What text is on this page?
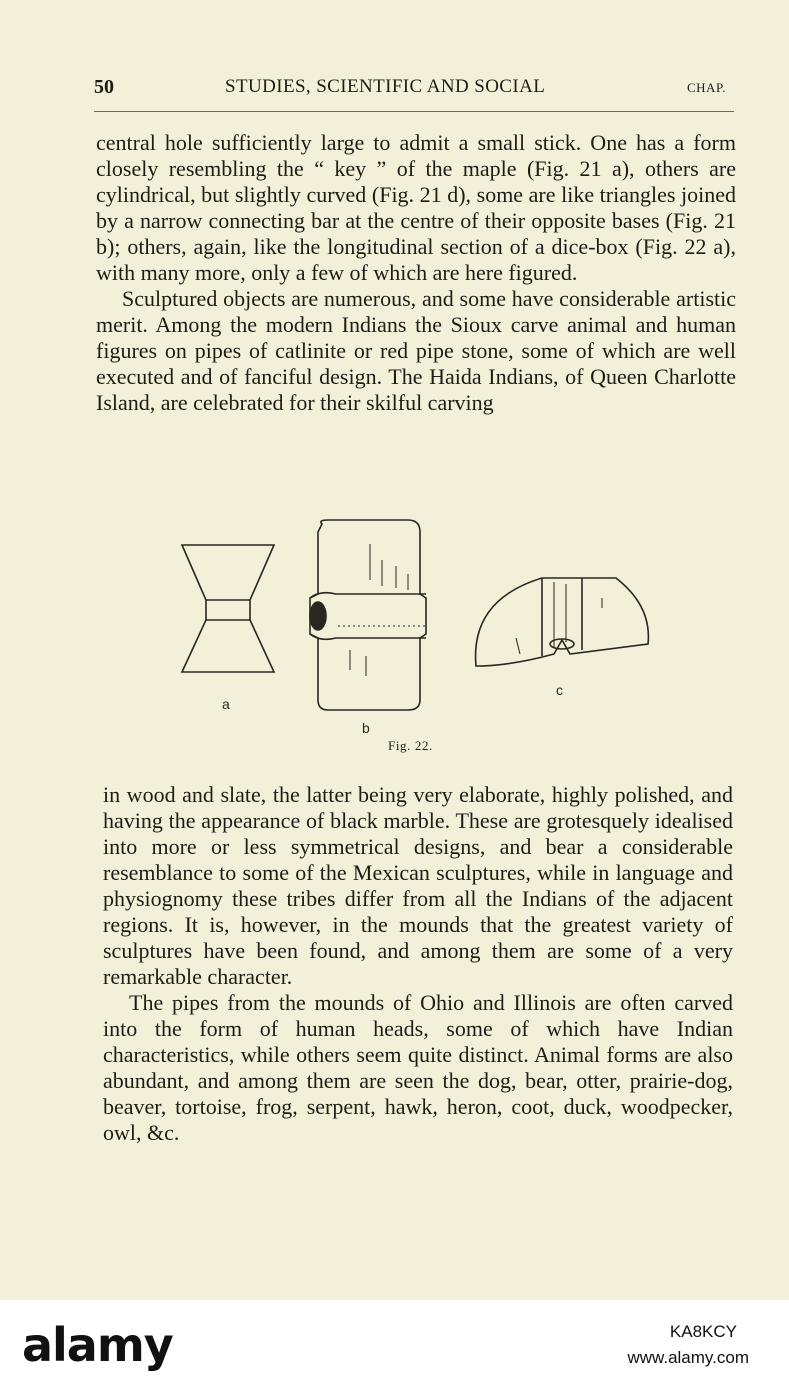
50	STUDIES, SCIENTIFIC AND SOCIAL	CHAP.

central hole sufficiently large to admit a small stick. One has a form closely resembling the “ key ” of the maple (Fig. 21 a), others are cylindrical, but slightly curved (Fig. 21 d), some are like triangles joined by a narrow connecting bar at the centre of their opposite bases (Fig. 21 b); others, again, like the longitudinal section of a dice-box (Fig. 22 a), with many more, only a few of which are here figured.

Sculptured objects are numerous, and some have considerable artistic merit. Among the modern Indians the Sioux carve animal and human figures on pipes of catlinite or red pipe stone, some of which are well executed and of fanciful design. The Haida Indians, of Queen Charlotte Island, are celebrated for their skilful carving

a
b
c
Fig. 22.

in wood and slate, the latter being very elaborate, highly polished, and having the appearance of black marble. These are grotesquely idealised into more or less symmetrical designs, and bear a considerable resemblance to some of the Mexican sculptures, while in language and physiognomy these tribes differ from all the Indians of the adjacent regions. It is, however, in the mounds that the greatest variety of sculptures have been found, and among them are some of a very remarkable character.

The pipes from the mounds of Ohio and Illinois are often carved into the form of human heads, some of which have Indian characteristics, while others seem quite distinct. Animal forms are also abundant, and among them are seen the dog, bear, otter, prairie-dog, beaver, tortoise, frog, serpent, hawk, heron, coot, duck, woodpecker, owl, &c.

alamy	KA8KCY
www.alamy.com
